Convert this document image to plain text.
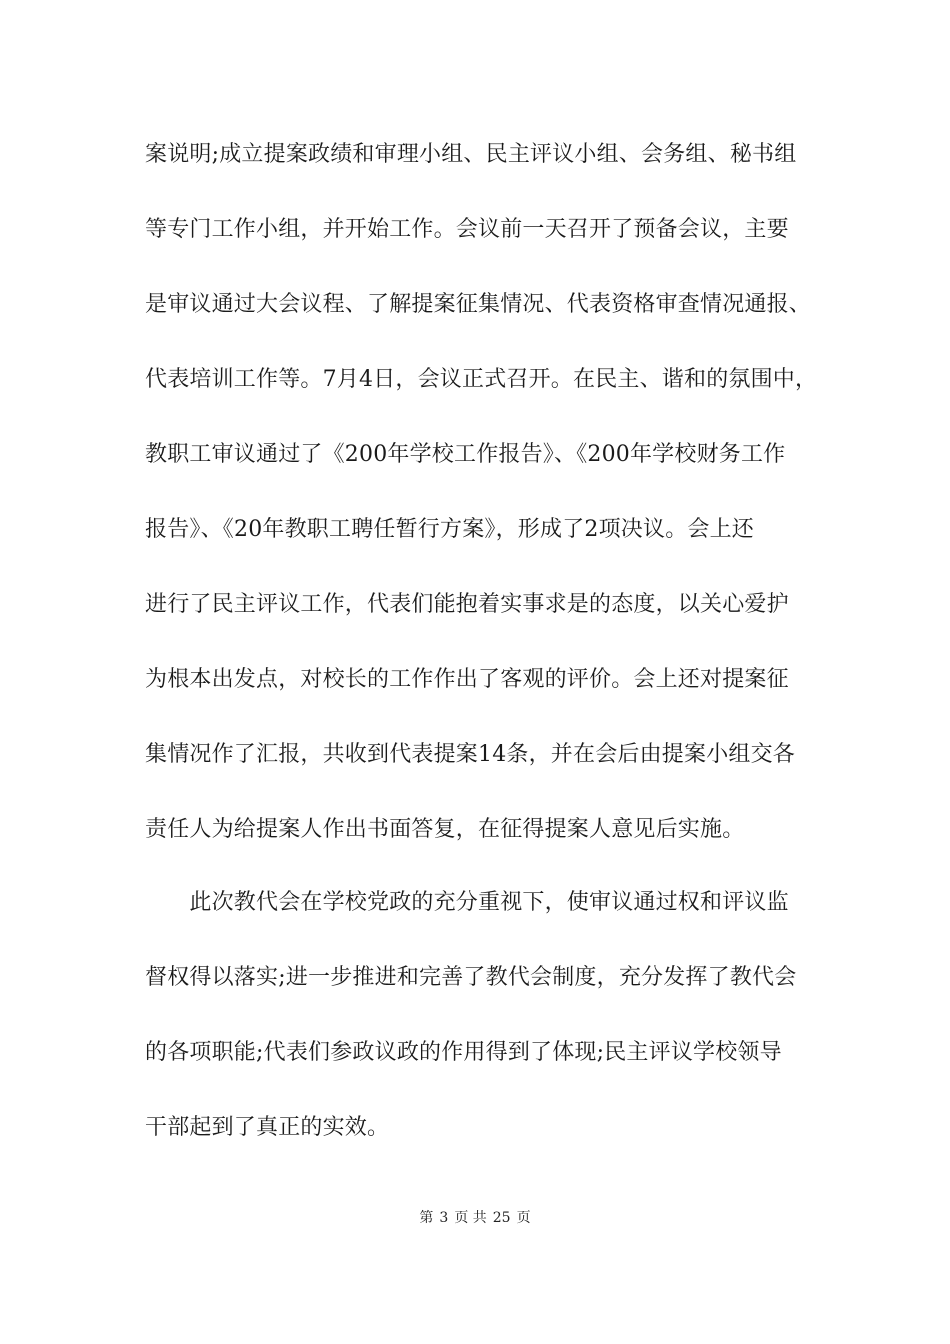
案说明;成立提案政绩和审理小组、民主评议小组、会务组、秘书组
等专门工作小组，并开始工作。会议前一天召开了预备会议，主要
是审议通过大会议程、了解提案征集情况、代表资格审查情况通报、
代表培训工作等。7月4日，会议正式召开。在民主、谐和的氛围中，
教职工审议通过了《200年学校工作报告》、《200年学校财务工作
报告》、《20年教职工聘任暂行方案》，形成了2项决议。会上还
进行了民主评议工作，代表们能抱着实事求是的态度，以关心爱护
为根本出发点，对校长的工作作出了客观的评价。会上还对提案征
集情况作了汇报，共收到代表提案14条，并在会后由提案小组交各
责任人为给提案人作出书面答复，在征得提案人意见后实施。
　　此次教代会在学校党政的充分重视下，使审议通过权和评议监
督权得以落实;进一步推进和完善了教代会制度，充分发挥了教代会
的各项职能;代表们参政议政的作用得到了体现;民主评议学校领导
干部起到了真正的实效。
第 3 页 共 25 页
